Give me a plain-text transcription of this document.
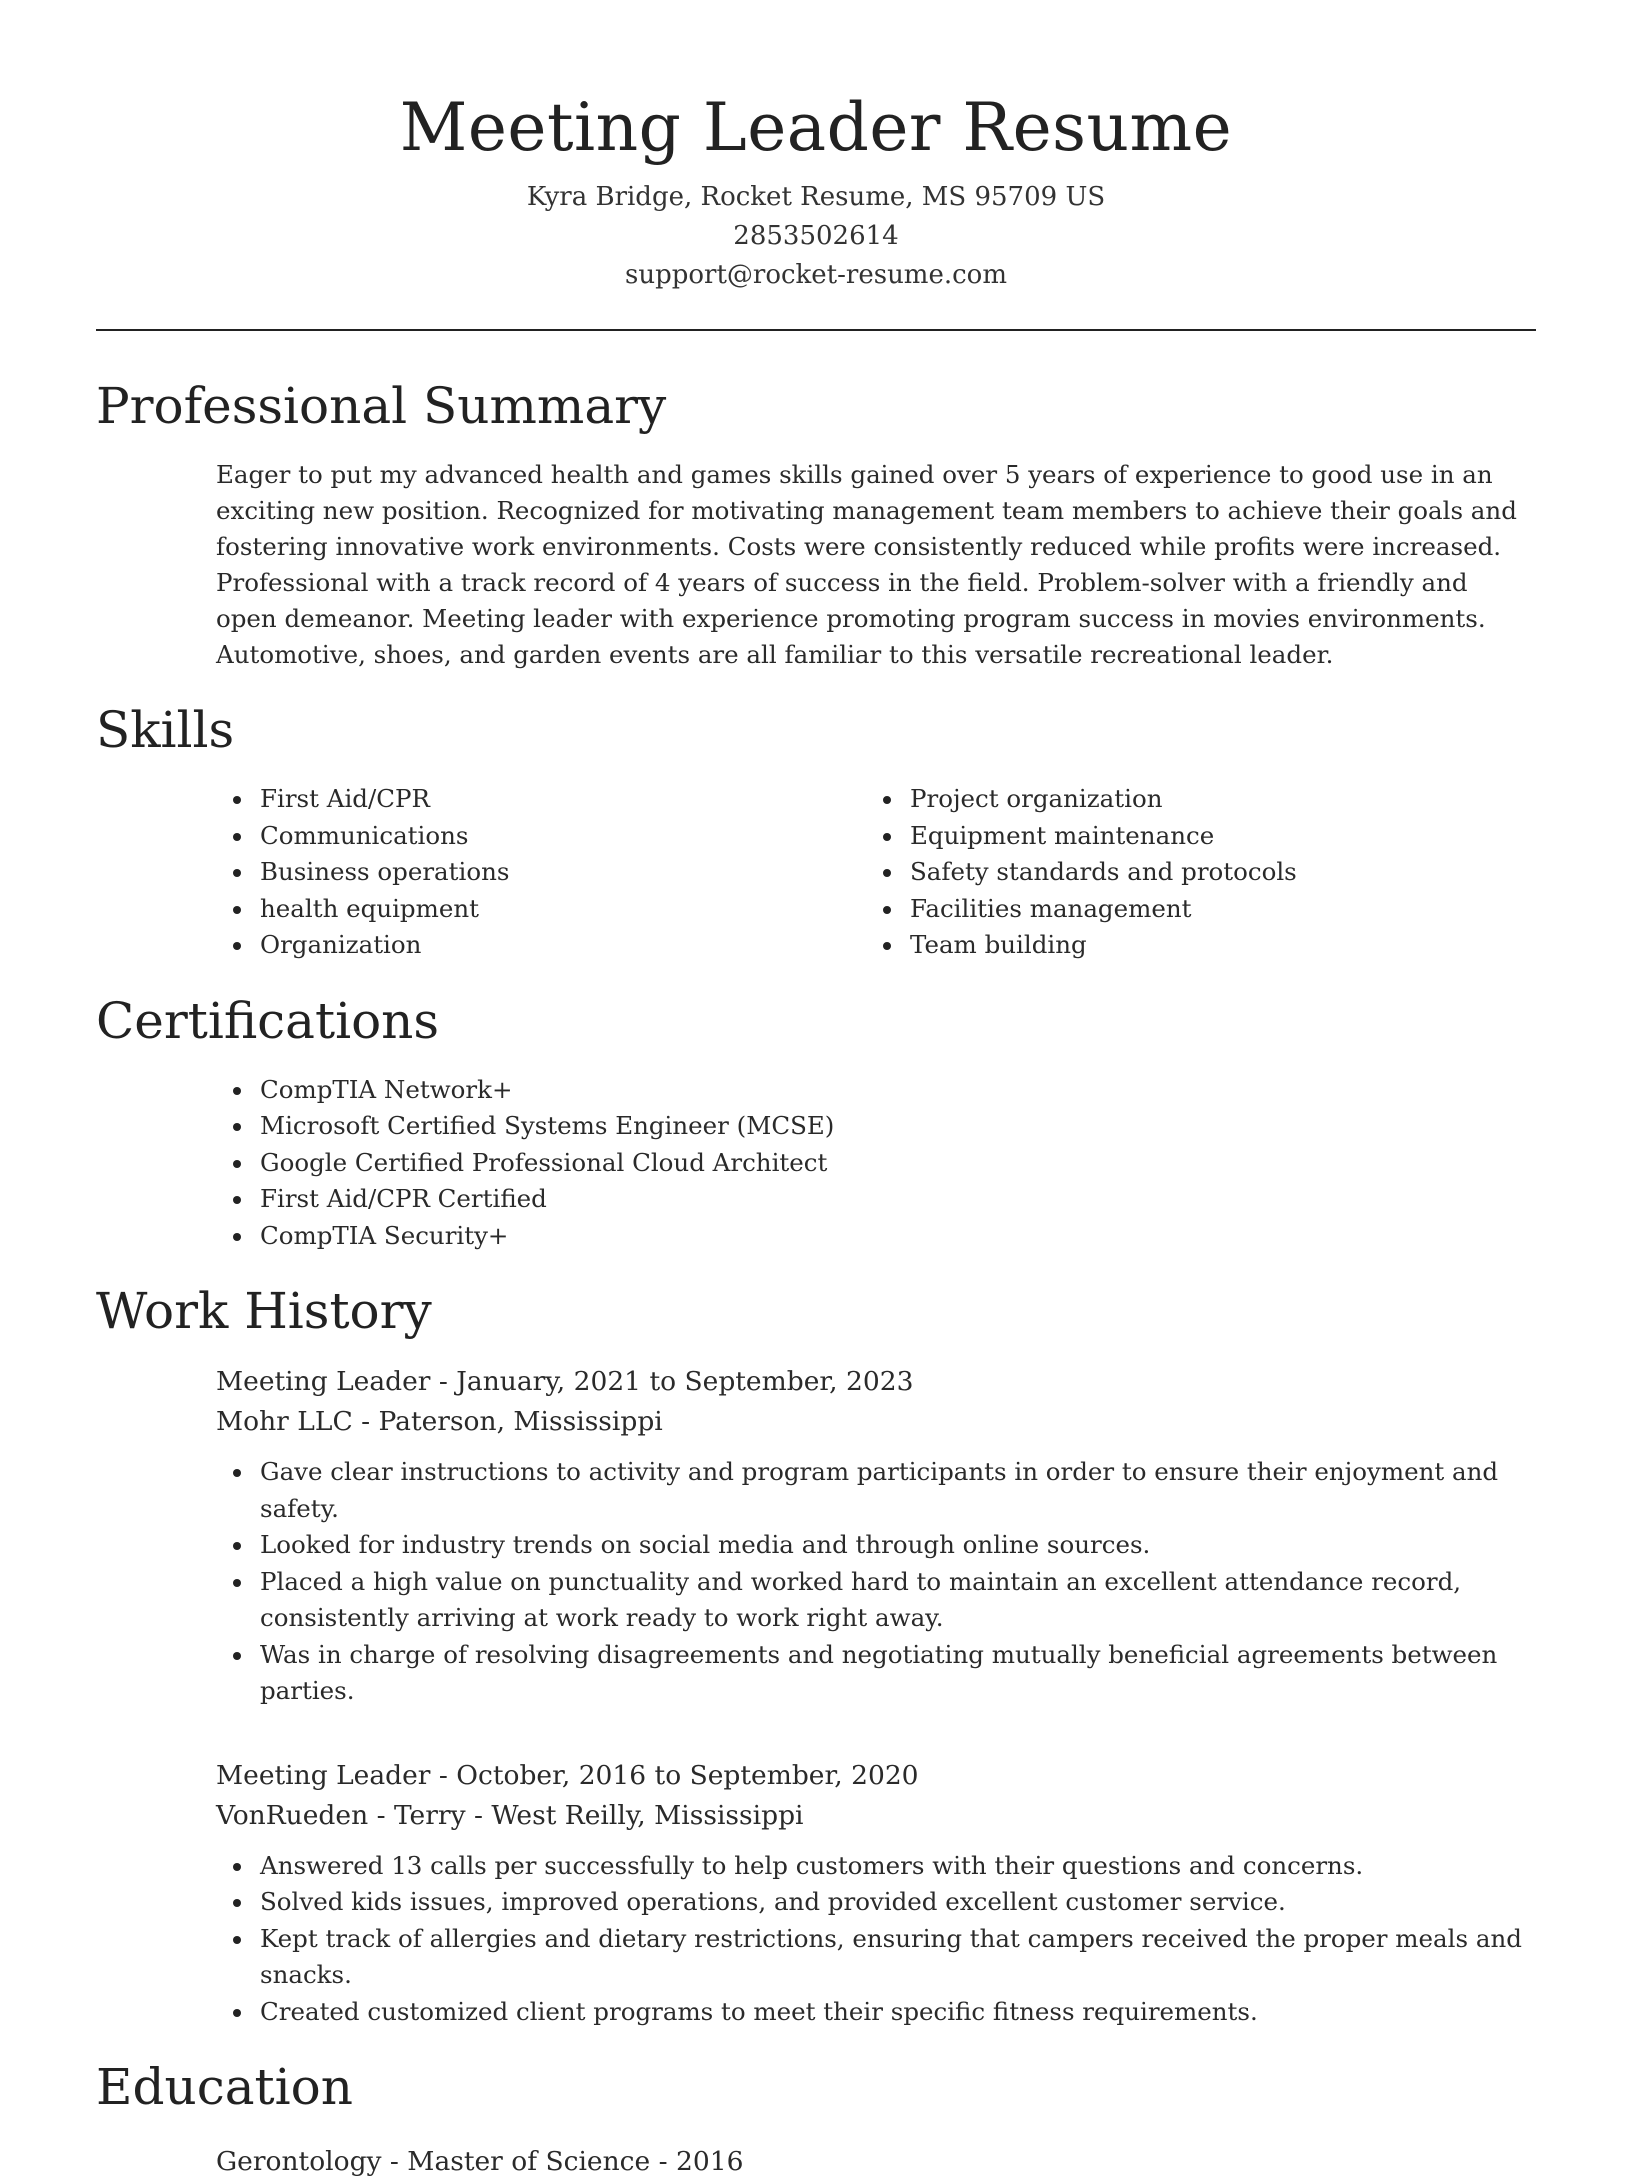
Meeting Leader Resume
Kyra Bridge, Rocket Resume, MS 95709 US
2853502614
support@rocket-resume.com
Professional Summary

Eager to put my advanced health and games skills gained over 5 years of experience to good use in an exciting new position. Recognized for motivating management team members to achieve their goals and fostering innovative work environments. Costs were consistently reduced while profits were increased. Professional with a track record of 4 years of success in the field. Problem-solver with a friendly and open demeanor. Meeting leader with experience promoting program success in movies environments. Automotive, shoes, and garden events are all familiar to this versatile recreational leader.

Skills
First Aid/CPR
Communications
Business operations
health equipment
Organization
Project organization
Equipment maintenance
Safety standards and protocols
Facilities management
Team building
Certifications
CompTIA Network+
Microsoft Certified Systems Engineer (MCSE)
Google Certified Professional Cloud Architect
First Aid/CPR Certified
CompTIA Security+
Work History
Meeting Leader - January, 2021 to September, 2023
Mohr LLC - Paterson, Mississippi
Gave clear instructions to activity and program participants in order to ensure their enjoyment and safety.
Looked for industry trends on social media and through online sources.
Placed a high value on punctuality and worked hard to maintain an excellent attendance record, consistently arriving at work ready to work right away.
Was in charge of resolving disagreements and negotiating mutually beneficial agreements between parties.
Meeting Leader - October, 2016 to September, 2020
VonRueden - Terry - West Reilly, Mississippi
Answered 13 calls per successfully to help customers with their questions and concerns.
Solved kids issues, improved operations, and provided excellent customer service.
Kept track of allergies and dietary restrictions, ensuring that campers received the proper meals and snacks.
Created customized client programs to meet their specific fitness requirements.
Education
Gerontology - Master of Science - 2016
